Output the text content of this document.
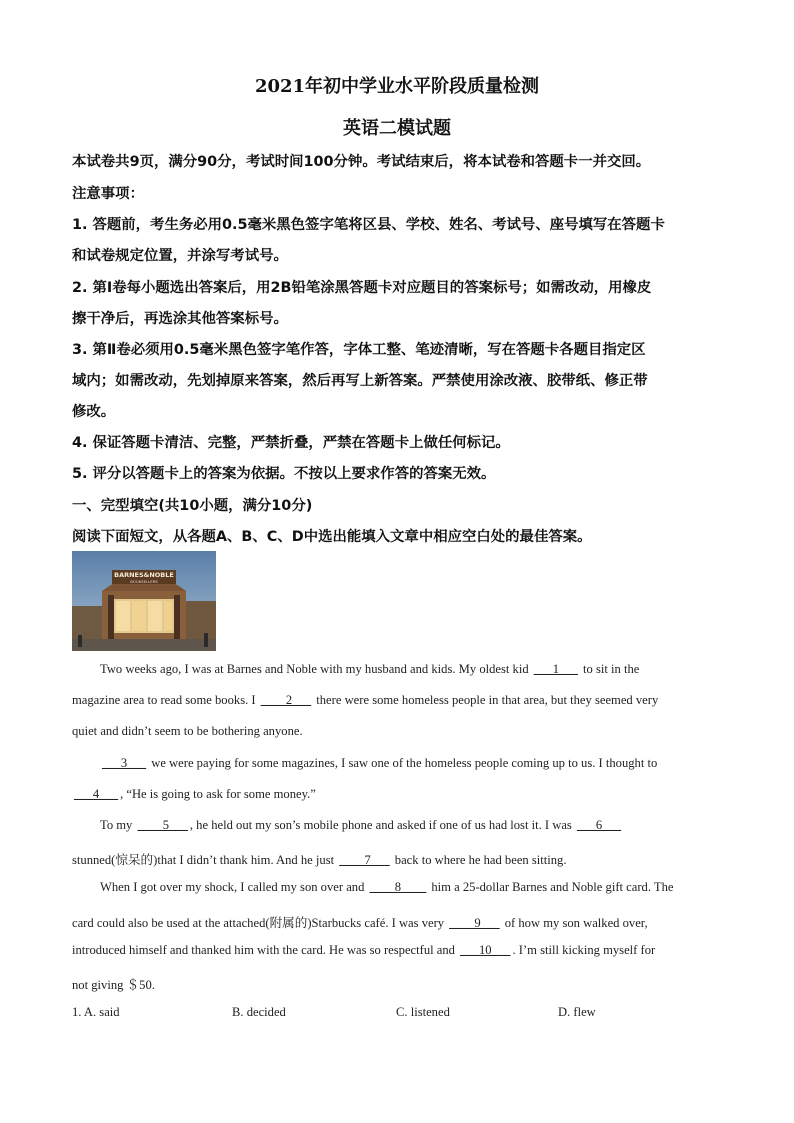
2021年初中学业水平阶段质量检测
英语二模试题
本试卷共9页，满分90分，考试时间100分钟。考试结束后，将本试卷和答题卡一并交回。
注意事项：
1. 答题前，考生务必用0.5毫米黑色签字笔将区县、学校、姓名、考试号、座号填写在答题卡
和试卷规定位置，并涂写考试号。
2. 第Ⅰ卷每小题选出答案后，用2B铅笔涂黑答题卡对应题目的答案标号；如需改动，用橡皮
擦干净后，再选涂其他答案标号。
3. 第Ⅱ卷必须用0.5毫米黑色签字笔作答，字体工整、笔迹清晰，写在答题卡各题目指定区
域内；如需改动，先划掉原来答案，然后再写上新答案。严禁使用涂改液、胶带纸、修正带
修改。
4. 保证答题卡清洁、完整，严禁折叠，严禁在答题卡上做任何标记。
5. 评分以答题卡上的答案为依据。不按以上要求作答的答案无效。
一、完型填空(共10小题，满分10分)
阅读下面短文，从各题A、B、C、D中选出能填入文章中相应空白处的最佳答案。
BARNES&NOBLE
BOOKSELLERS
Two weeks ago, I was at Barnes and Noble with my husband and kids. My oldest kid ___1___ to sit in the
magazine area to read some books. I ____2___ there were some homeless people in that area, but they seemed very
quiet and didn’t seem to be bothering anyone.
___3___ we were paying for some magazines, I saw one of the homeless people coming up to us. I thought to
___4___ , “He is going to ask for some money.”
To my ____5___ , he held out my son’s mobile phone and asked if one of us had lost it. I was ___6___
stunned(惊呆的)that I didn’t thank him. And he just ____7___ back to where he had been sitting.
When I got over my shock, I called my son over and ____8____ him a 25-dollar Barnes and Noble gift card. The
card could also be used at the attached(附属的)Starbucks café. I was very ____9___ of how my son walked over,
introduced himself and thanked him with the card. He was so respectful and ___10___ . I’m still kicking myself for
not giving ＄50.
1. A. said	B. decided	C. listened	D. flew
